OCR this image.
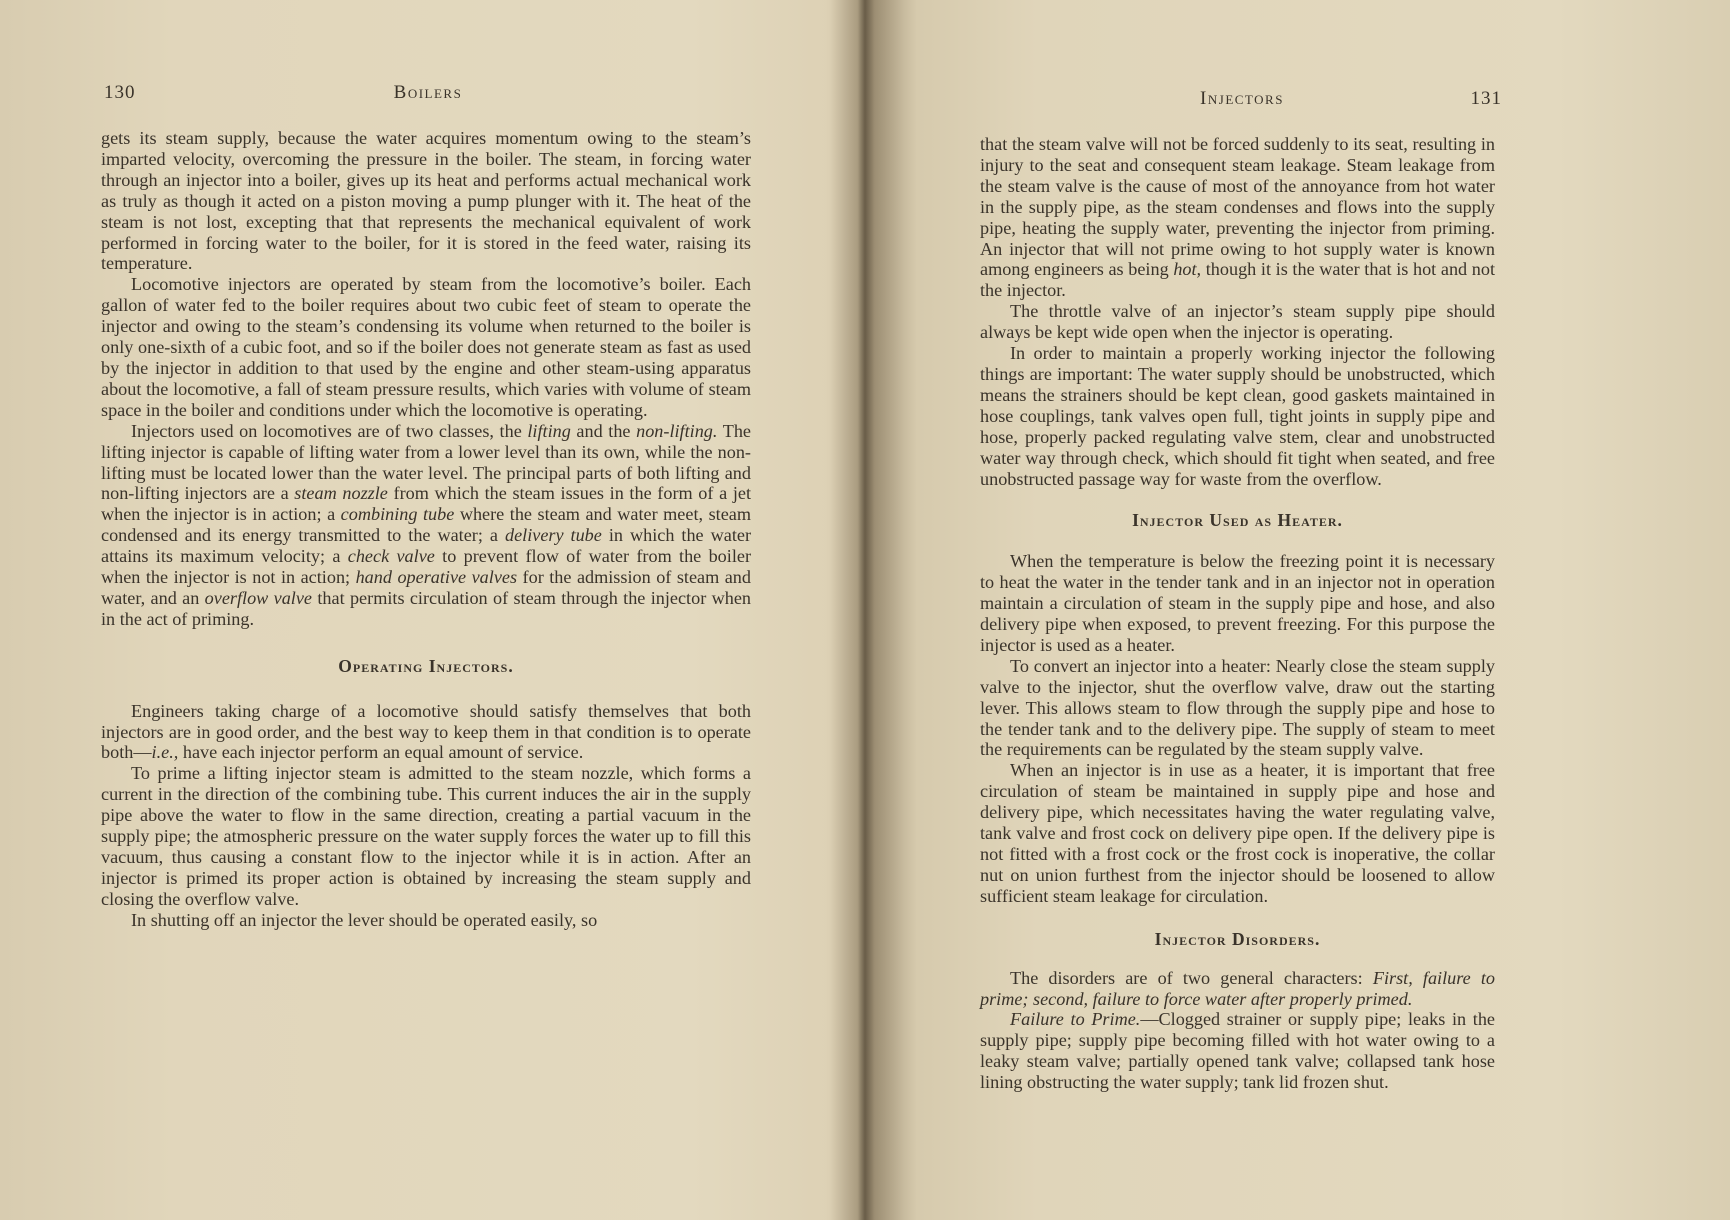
130	Boilers

gets its steam supply, because the water acquires momentum owing to the steam’s imparted velocity, overcoming the pressure in the boiler. The steam, in forcing water through an injector into a boiler, gives up its heat and performs actual mechanical work as truly as though it acted on a piston moving a pump plunger with it. The heat of the steam is not lost, excepting that that represents the mechanical equivalent of work performed in forcing water to the boiler, for it is stored in the feed water, raising its temperature.

Locomotive injectors are operated by steam from the locomotive’s boiler. Each gallon of water fed to the boiler requires about two cubic feet of steam to operate the injector and owing to the steam’s condensing its volume when returned to the boiler is only one-sixth of a cubic foot, and so if the boiler does not generate steam as fast as used by the injector in addition to that used by the engine and other steam-using apparatus about the locomotive, a fall of steam pressure results, which varies with volume of steam space in the boiler and conditions under which the locomotive is operating.

Injectors used on locomotives are of two classes, the lifting and the non-lifting. The lifting injector is capable of lifting water from a lower level than its own, while the non-lifting must be located lower than the water level. The principal parts of both lifting and non-lifting injectors are a steam nozzle from which the steam issues in the form of a jet when the injector is in action; a combining tube where the steam and water meet, steam condensed and its energy transmitted to the water; a delivery tube in which the water attains its maximum velocity; a check valve to prevent flow of water from the boiler when the injector is not in action; hand operative valves for the admission of steam and water, and an overflow valve that permits circulation of steam through the injector when in the act of priming.

Operating Injectors.

Engineers taking charge of a locomotive should satisfy themselves that both injectors are in good order, and the best way to keep them in that condition is to operate both—i.e., have each injector perform an equal amount of service.

To prime a lifting injector steam is admitted to the steam nozzle, which forms a current in the direction of the combining tube. This current induces the air in the supply pipe above the water to flow in the same direction, creating a partial vacuum in the supply pipe; the atmospheric pressure on the water supply forces the water up to fill this vacuum, thus causing a constant flow to the injector while it is in action. After an injector is primed its proper action is obtained by increasing the steam supply and closing the overflow valve.

In shutting off an injector the lever should be operated easily, so

Injectors	131

that the steam valve will not be forced suddenly to its seat, resulting in injury to the seat and consequent steam leakage. Steam leakage from the steam valve is the cause of most of the annoyance from hot water in the supply pipe, as the steam condenses and flows into the supply pipe, heating the supply water, preventing the injector from priming. An injector that will not prime owing to hot supply water is known among engineers as being hot, though it is the water that is hot and not the injector.

The throttle valve of an injector’s steam supply pipe should always be kept wide open when the injector is operating.

In order to maintain a properly working injector the following things are important: The water supply should be unobstructed, which means the strainers should be kept clean, good gaskets maintained in hose couplings, tank valves open full, tight joints in supply pipe and hose, properly packed regulating valve stem, clear and unobstructed water way through check, which should fit tight when seated, and free unobstructed passage way for waste from the overflow.

Injector Used as Heater.

When the temperature is below the freezing point it is necessary to heat the water in the tender tank and in an injector not in operation maintain a circulation of steam in the supply pipe and hose, and also delivery pipe when exposed, to prevent freezing. For this purpose the injector is used as a heater.

To convert an injector into a heater: Nearly close the steam supply valve to the injector, shut the overflow valve, draw out the starting lever. This allows steam to flow through the supply pipe and hose to the tender tank and to the delivery pipe. The supply of steam to meet the requirements can be regulated by the steam supply valve.

When an injector is in use as a heater, it is important that free circulation of steam be maintained in supply pipe and hose and delivery pipe, which necessitates having the water regulating valve, tank valve and frost cock on delivery pipe open. If the delivery pipe is not fitted with a frost cock or the frost cock is inoperative, the collar nut on union furthest from the injector should be loosened to allow sufficient steam leakage for circulation.

Injector Disorders.

The disorders are of two general characters: First, failure to prime; second, failure to force water after properly primed.

Failure to Prime.—Clogged strainer or supply pipe; leaks in the supply pipe; supply pipe becoming filled with hot water owing to a leaky steam valve; partially opened tank valve; collapsed tank hose lining obstructing the water supply; tank lid frozen shut.
